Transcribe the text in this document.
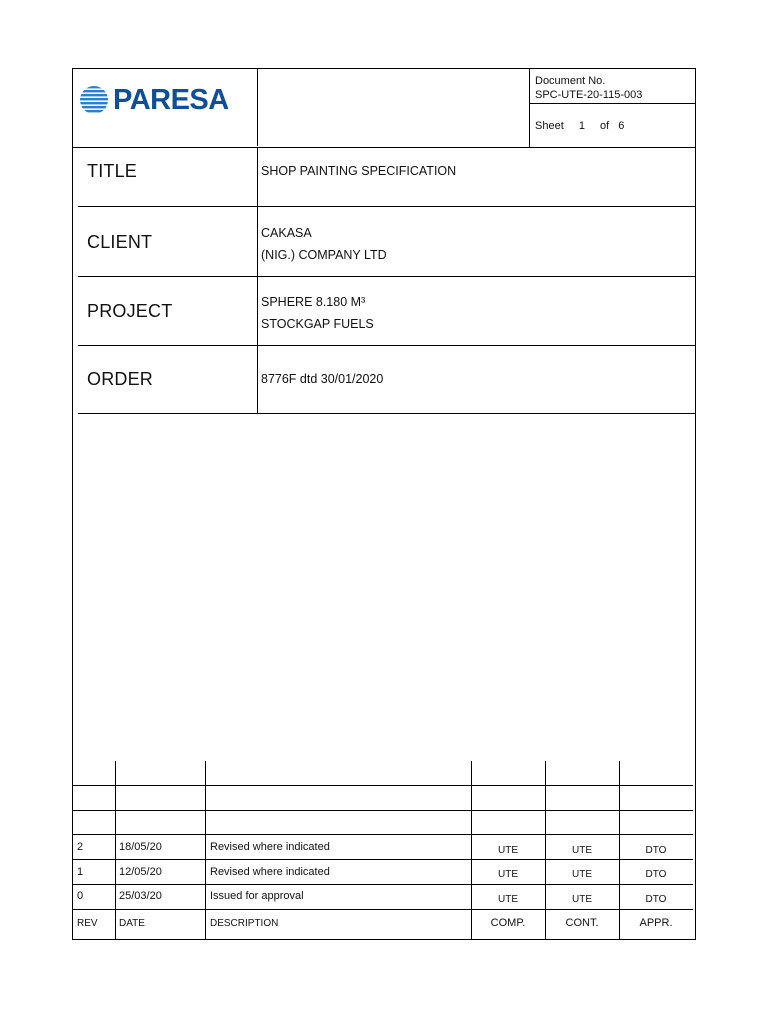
PARESA
Document No.
SPC-UTE-20-115-003
Sheet 1 of 6
TITLE	SHOP PAINTING SPECIFICATION
CLIENT	CAKASA
(NIG.) COMPANY LTD
PROJECT	SPHERE 8.180 M³
STOCKGAP FUELS
ORDER	8776F dtd 30/01/2020
2	18/05/20	Revised where indicated	UTE	UTE	DTO
1	12/05/20	Revised where indicated	UTE	UTE	DTO
0	25/03/20	Issued for approval	UTE	UTE	DTO
REV DATE	DESCRIPTION	COMP.	CONT.	APPR.
